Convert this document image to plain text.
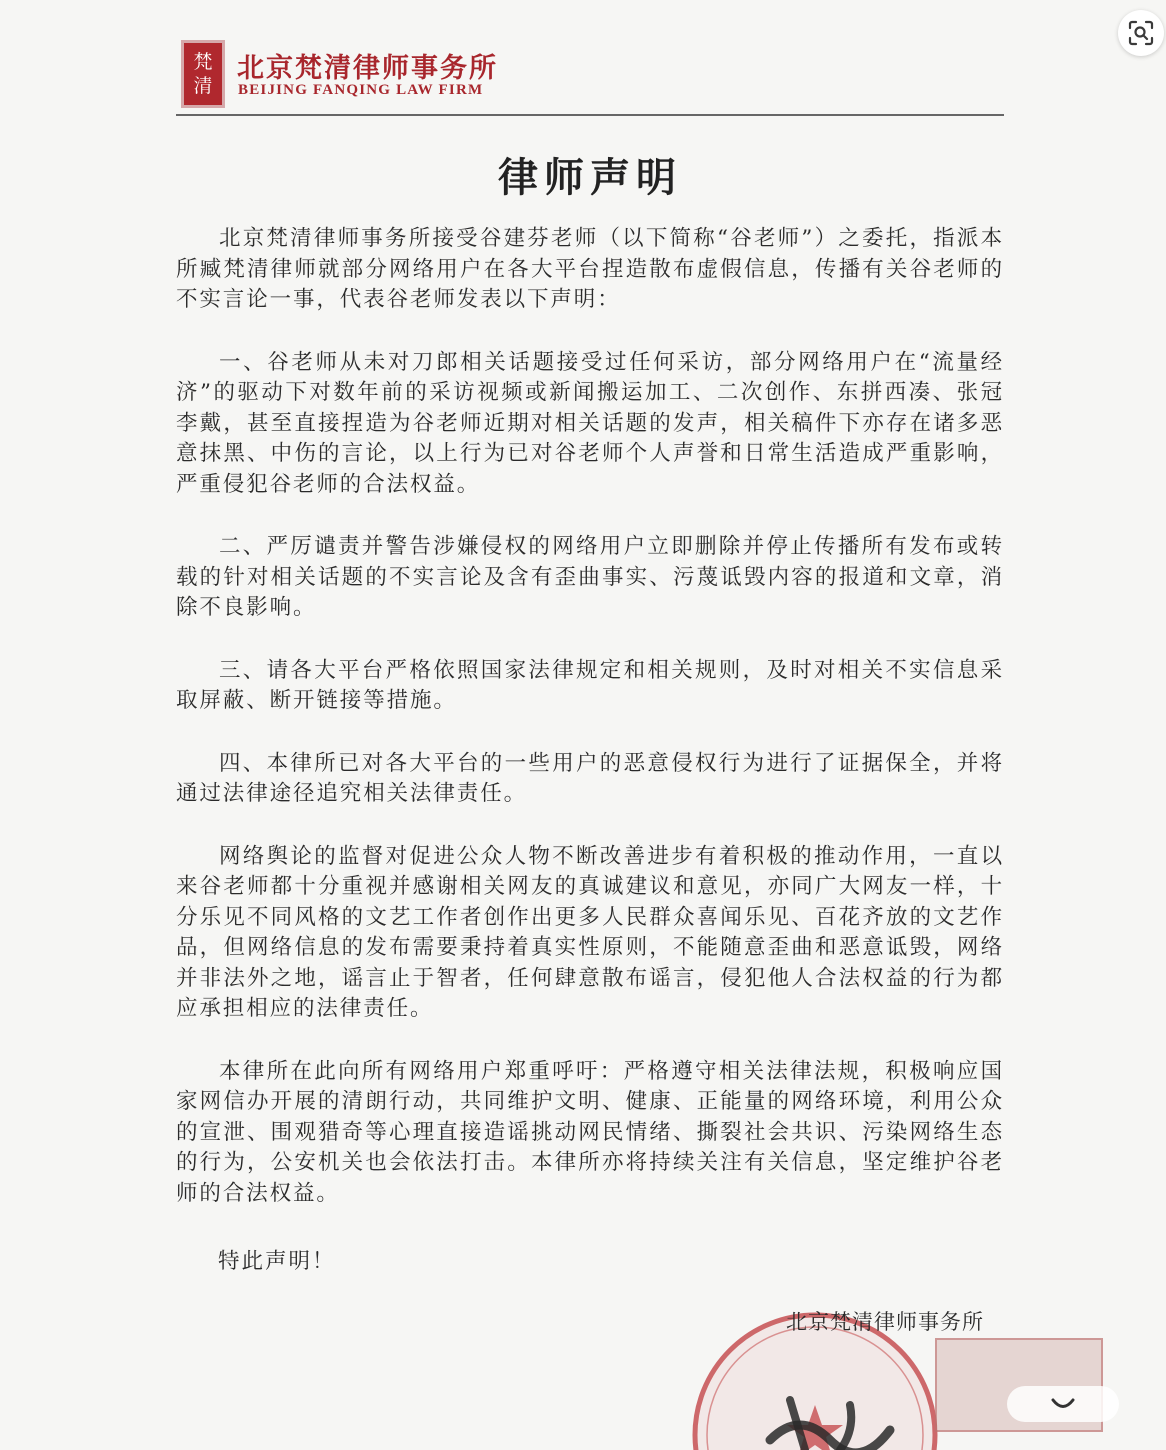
梵
清
北京梵清律师事务所
BEIJING FANQING LAW FIRM
律师声明

北京梵清律师事务所接受谷建芬老师（以下简称“谷老师”）之委托，指派本所臧梵清律师就部分网络用户在各大平台捏造散布虚假信息，传播有关谷老师的不实言论一事，代表谷老师发表以下声明：

一、谷老师从未对刀郎相关话题接受过任何采访，部分网络用户在“流量经济”的驱动下对数年前的采访视频或新闻搬运加工、二次创作、东拼西凑、张冠李戴，甚至直接捏造为谷老师近期对相关话题的发声，相关稿件下亦存在诸多恶意抹黑、中伤的言论，以上行为已对谷老师个人声誉和日常生活造成严重影响，严重侵犯谷老师的合法权益。

二、严厉谴责并警告涉嫌侵权的网络用户立即删除并停止传播所有发布或转载的针对相关话题的不实言论及含有歪曲事实、污蔑诋毁内容的报道和文章，消除不良影响。

三、请各大平台严格依照国家法律规定和相关规则，及时对相关不实信息采取屏蔽、断开链接等措施。

四、本律所已对各大平台的一些用户的恶意侵权行为进行了证据保全，并将通过法律途径追究相关法律责任。

网络舆论的监督对促进公众人物不断改善进步有着积极的推动作用，一直以来谷老师都十分重视并感谢相关网友的真诚建议和意见，亦同广大网友一样，十分乐见不同风格的文艺工作者创作出更多人民群众喜闻乐见、百花齐放的文艺作品，但网络信息的发布需要秉持着真实性原则，不能随意歪曲和恶意诋毁，网络并非法外之地，谣言止于智者，任何肆意散布谣言，侵犯他人合法权益的行为都应承担相应的法律责任。

本律所在此向所有网络用户郑重呼吁：严格遵守相关法律法规，积极响应国家网信办开展的清朗行动，共同维护文明、健康、正能量的网络环境，利用公众的宣泄、围观猎奇等心理直接造谣挑动网民情绪、撕裂社会共识、污染网络生态的行为，公安机关也会依法打击。本律所亦将持续关注有关信息，坚定维护谷老师的合法权益。

特此声明！
北京梵清律师事务所
